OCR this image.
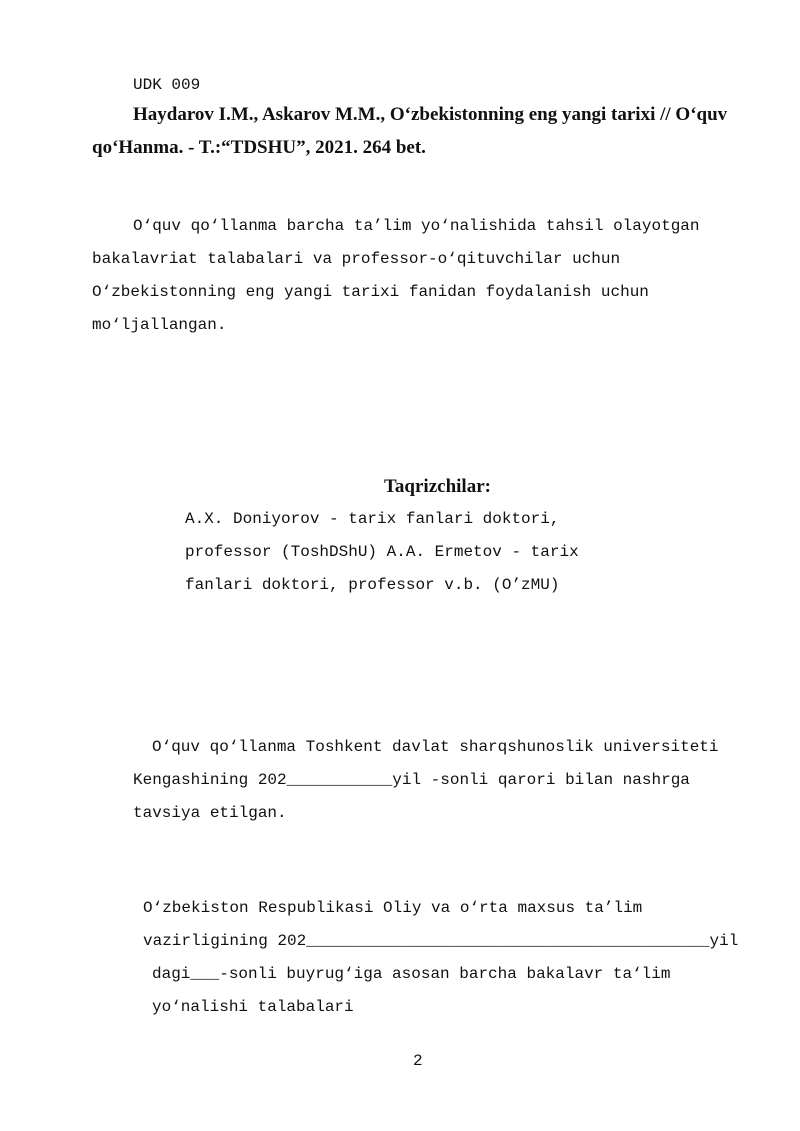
UDK 009
Haydarov I.M., Askarov M.M., O‘zbekistonning eng yangi tarixi // O‘quv
qo‘Hanma. - T.:“TDSHU”, 2021. 264 bet.

O‘quv qo‘llanma barcha ta’lim yo‘nalishida tahsil olayotgan

bakalavriat talabalari va professor-o‘qituvchilar uchun

O‘zbekistonning eng yangi tarixi fanidan foydalanish uchun

mo‘ljallangan.

Taqrizchilar:

A.X. Doniyorov - tarix fanlari doktori,

professor (ToshDShU) A.A. Ermetov - tarix

fanlari doktori, professor v.b. (O’zMU)

O‘quv qo‘llanma Toshkent davlat sharqshunoslik universiteti

Kengashining 202___________yil -sonli qarori bilan nashrga

tavsiya etilgan.

O‘zbekiston Respublikasi Oliy va o‘rta maxsus ta’lim

vazirligining 202__________________________________________yil

dagi___-sonli buyrug‘iga asosan barcha bakalavr ta‘lim

yo‘nalishi talabalari

2
